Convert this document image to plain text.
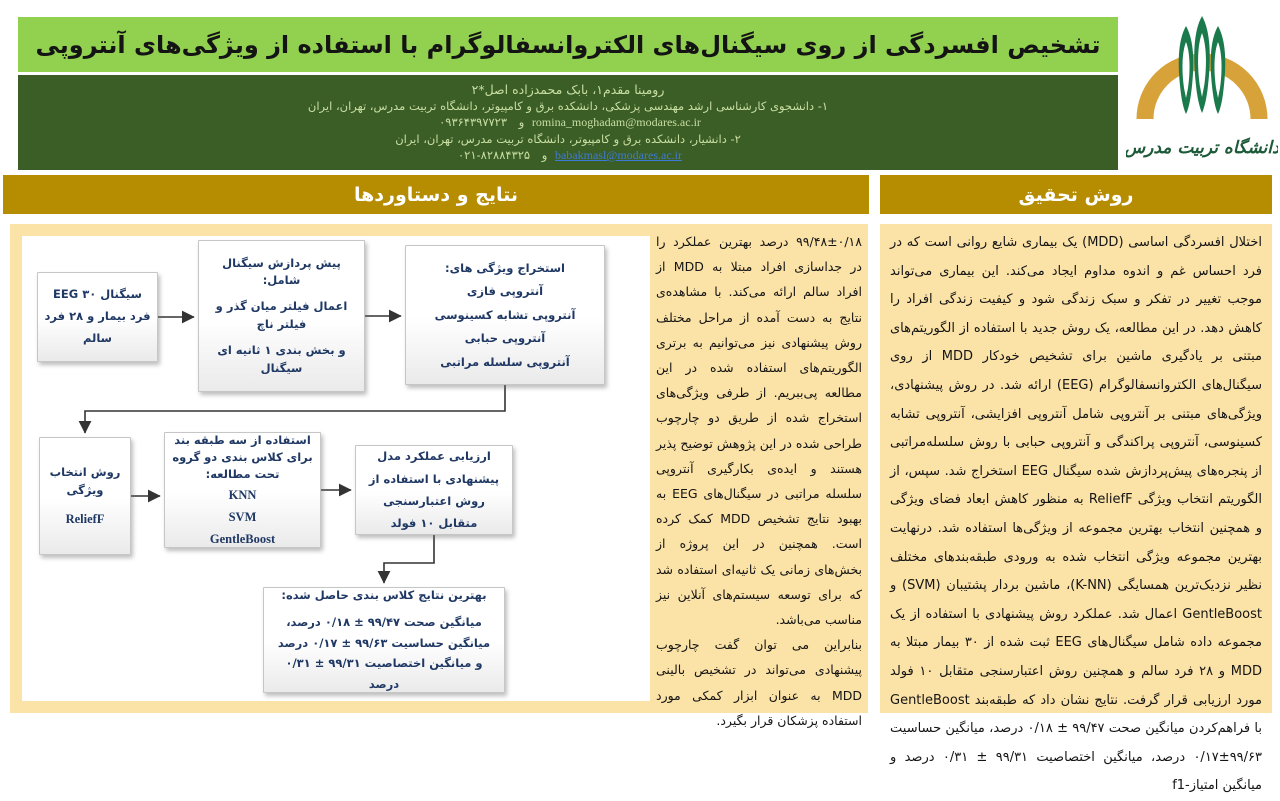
تشخیص افسردگی از روی سیگنال‌های الکتروانسفالوگرام با استفاده از ویژگی‌های آنتروپی
رومینا مقدم۱، بابک محمدزاده اصل*۲
۱- دانشجوی کارشناسی ارشد مهندسی پزشکی، دانشکده برق و کامپیوتر، دانشگاه تربیت مدرس، تهران، ایران
romina_moghadam@modares.ac.ir و ۰۹۳۶۴۳۹۷۷۲۳
۲- دانشیار، دانشکده برق و کامپیوتر، دانشگاه تربیت مدرس، تهران، ایران
babakmasl@modares.ac.ir و ۰۲۱-۸۲۸۸۴۳۲۵	دانشگاه تربیت مدرس
نتایج و دستاوردها	روش تحقیق
سیگنال EEG ۳۰ فرد بیمار و ۲۸ فرد سالم
پیش پردازش سیگنال شامل:
اعمال فیلتر میان گذر و فیلتر ناچ
و بخش بندی ۱ ثانیه ای سیگنال
استخراج ویژگی های:
آنتروپی فازی
آنتروپی تشابه کسینوسی
آنتروپی حبابی
آنتروپی سلسله مراتبی
روش انتخاب ویژگی
ReliefF
استفاده از سه طبقه بند برای کلاس بندی دو گروه تحت مطالعه:
KNN
SVM
GentleBoost
ارزیابی عملکرد مدل پیشنهادی با استفاده از روش اعتبارسنجی متقابل ۱۰ فولد
بهترین نتایج کلاس بندی حاصل شده:
میانگین صحت ۹۹/۴۷ ± ۰/۱۸ درصد، میانگین حساسیت ۹۹/۶۳ ± ۰/۱۷ درصد و میانگین اختصاصیت ۹۹/۳۱ ± ۰/۳۱ درصد

۹۹/۴۸±۰/۱۸ درصد بهترین عملکرد را در جداسازی افراد مبتلا به MDD از افراد سالم ارائه می‌کند. با مشاهده‌ی نتایج به دست آمده از مراحل مختلف روش پیشنهادی نیز می‌توانیم به برتری الگوریتم‌های استفاده شده در این مطالعه پی‌ببریم. از طرفی ویژگی‌های استخراج شده از طریق دو چارچوب طراحی شده در این پژوهش توضیح پذیر هستند و ایده‌ی بکارگیری آنتروپی سلسله مراتبی در سیگنال‌های EEG به بهبود نتایج تشخیص MDD کمک کرده است. همچنین در این پروژه از بخش‌های زمانی یک ثانیه‌ای استفاده شد که برای توسعه سیستم‌های آنلاین نیز مناسب می‌باشد.

بنابراین می توان گفت چارچوب پیشنهادی می‌تواند در تشخیص بالینی MDD به عنوان ابزار کمکی مورد استفاده پزشکان قرار بگیرد.

اختلال افسردگی اساسی (MDD) یک بیماری شایع روانی است که در فرد احساس غم و اندوه مداوم ایجاد می‌کند. این بیماری می‌تواند موجب تغییر در تفکر و سبک زندگی شود و کیفیت زندگی افراد را کاهش دهد. در این مطالعه، یک روش جدید با استفاده از الگوریتم‌های مبتنی بر یادگیری ماشین برای تشخیص خودکار MDD از روی سیگنال‌های الکتروانسفالوگرام (EEG) ارائه شد. در روش پیشنهادی، ویژگی‌های مبتنی بر آنتروپی شامل آنتروپی افزایشی، آنتروپی تشابه کسینوسی، آنتروپی پراکندگی و آنتروپی حبابی با روش سلسله‌مراتبی از پنجره‌های پیش‌پردازش شده سیگنال EEG استخراج شد. سپس، از الگوریتم انتخاب ویژگی ReliefF به منظور کاهش ابعاد فضای ویژگی و همچنین انتخاب بهترین مجموعه از ویژگی‌ها استفاده شد. درنهایت بهترین مجموعه ویژگی انتخاب شده به ورودی طبقه‌بندهای مختلف نظیر نزدیک‌ترین همسایگی (K-NN)، ماشین بردار پشتیبان (SVM) و GentleBoost اعمال شد. عملکرد روش پیشنهادی با استفاده از یک مجموعه داده شامل سیگنال‌های EEG ثبت شده از ۳۰ بیمار مبتلا به MDD و ۲۸ فرد سالم و همچنین روش اعتبارسنجی متقابل ۱۰ فولد مورد ارزیابی قرار گرفت. نتایج نشان داد که طبقه‌بند GentleBoost با فراهم‌کردن میانگین صحت ۹۹/۴۷ ± ۰/۱۸ درصد، میانگین حساسیت ۹۹/۶۳±۰/۱۷ درصد، میانگین اختصاصیت ۹۹/۳۱ ± ۰/۳۱ درصد و میانگین امتیاز-f1
